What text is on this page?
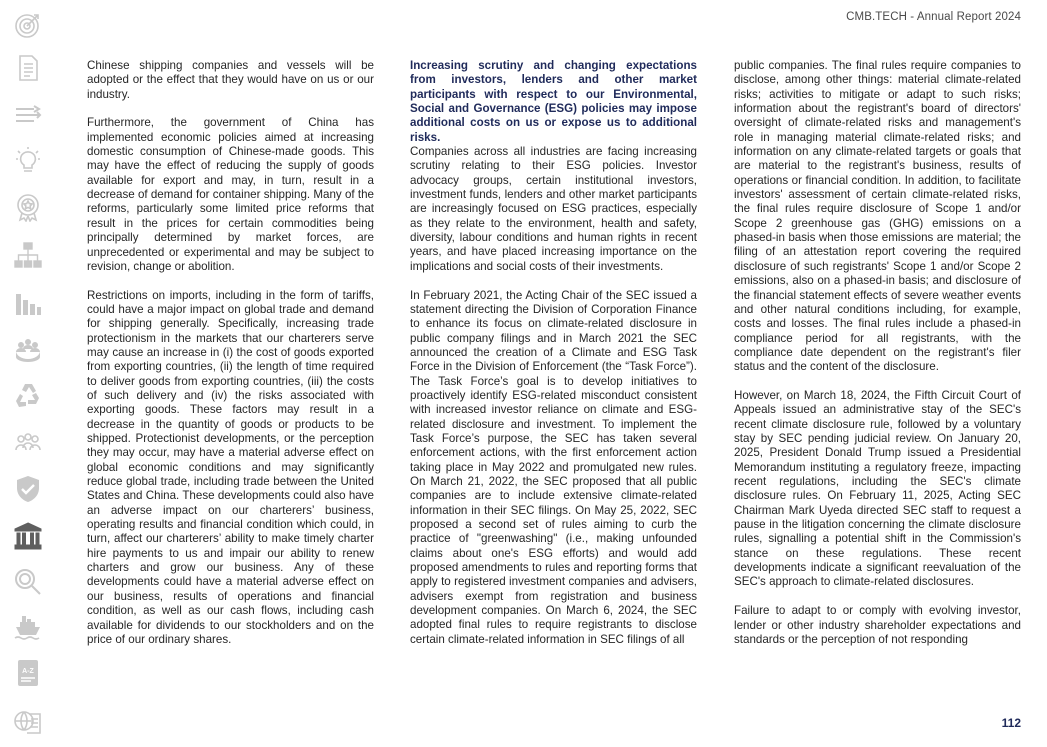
A-Z
CMB.TECH - Annual Report 2024

Chinese shipping companies and vessels will be adopted or the effect that they would have on us or our industry.

Furthermore, the government of China has implemented economic policies aimed at increasing domestic consumption of Chinese-made goods. This may have the effect of reducing the supply of goods available for export and may, in turn, result in a decrease of demand for container shipping. Many of the reforms, particularly some limited price reforms that result in the prices for certain commodities being principally determined by market forces, are unprecedented or experimental and may be subject to revision, change or abolition.

Restrictions on imports, including in the form of tariffs, could have a major impact on global trade and demand for shipping generally. Specifically, increasing trade protectionism in the markets that our charterers serve may cause an increase in (i) the cost of goods exported from exporting countries, (ii) the length of time required to deliver goods from exporting countries, (iii) the costs of such delivery and (iv) the risks associated with exporting goods. These factors may result in a decrease in the quantity of goods or products to be shipped. Protectionist developments, or the perception they may occur, may have a material adverse effect on global economic conditions and may significantly reduce global trade, including trade between the United States and China. These developments could also have an adverse impact on our charterers’ business, operating results and financial condition which could, in turn, affect our charterers’ ability to make timely charter hire payments to us and impair our ability to renew charters and grow our business. Any of these developments could have a material adverse effect on our business, results of operations and financial condition, as well as our cash flows, including cash available for dividends to our stockholders and on the price of our ordinary shares.

Increasing scrutiny and changing expectations from investors, lenders and other market participants with respect to our Environmental, Social and Governance (ESG) policies may impose additional costs on us or expose us to additional risks.

Companies across all industries are facing increasing scrutiny relating to their ESG policies. Investor advocacy groups, certain institutional investors, investment funds, lenders and other market participants are increasingly focused on ESG practices, especially as they relate to the environment, health and safety, diversity, labour conditions and human rights in recent years, and have placed increasing importance on the implications and social costs of their investments.

In February 2021, the Acting Chair of the SEC issued a statement directing the Division of Corporation Finance to enhance its focus on climate-related disclosure in public company filings and in March 2021 the SEC announced the creation of a Climate and ESG Task Force in the Division of Enforcement (the “Task Force”). The Task Force’s goal is to develop initiatives to proactively identify ESG-related misconduct consistent with increased investor reliance on climate and ESG-related disclosure and investment. To implement the Task Force’s purpose, the SEC has taken several enforcement actions, with the first enforcement action taking place in May 2022 and promulgated new rules. On March 21, 2022, the SEC proposed that all public companies are to include extensive climate-related information in their SEC filings. On May 25, 2022, SEC proposed a second set of rules aiming to curb the practice of "greenwashing" (i.e., making unfounded claims about one's ESG efforts) and would add proposed amendments to rules and reporting forms that apply to registered investment companies and advisers, advisers exempt from registration and business development companies. On March 6, 2024, the SEC adopted final rules to require registrants to disclose certain climate-related information in SEC filings of all

public companies. The final rules require companies to disclose, among other things: material climate-related risks; activities to mitigate or adapt to such risks; information about the registrant's board of directors' oversight of climate-related risks and management's role in managing material climate-related risks; and information on any climate-related targets or goals that are material to the registrant's business, results of operations or financial condition. In addition, to facilitate investors' assessment of certain climate-related risks, the final rules require disclosure of Scope 1 and/or Scope 2 greenhouse gas (GHG) emissions on a phased-in basis when those emissions are material; the filing of an attestation report covering the required disclosure of such registrants' Scope 1 and/or Scope 2 emissions, also on a phased-in basis; and disclosure of the financial statement effects of severe weather events and other natural conditions including, for example, costs and losses. The final rules include a phased-in compliance period for all registrants, with the compliance date dependent on the registrant's filer status and the content of the disclosure.

However, on March 18, 2024, the Fifth Circuit Court of Appeals issued an administrative stay of the SEC's recent climate disclosure rule, followed by a voluntary stay by SEC pending judicial review. On January 20, 2025, President Donald Trump issued a Presidential Memorandum instituting a regulatory freeze, impacting recent regulations, including the SEC's climate disclosure rules. On February 11, 2025, Acting SEC Chairman Mark Uyeda directed SEC staff to request a pause in the litigation concerning the climate disclosure rules, signalling a potential shift in the Commission's stance on these regulations. These recent developments indicate a significant reevaluation of the SEC's approach to climate-related disclosures.

Failure to adapt to or comply with evolving investor, lender or other industry shareholder expectations and standards or the perception of not responding

112
